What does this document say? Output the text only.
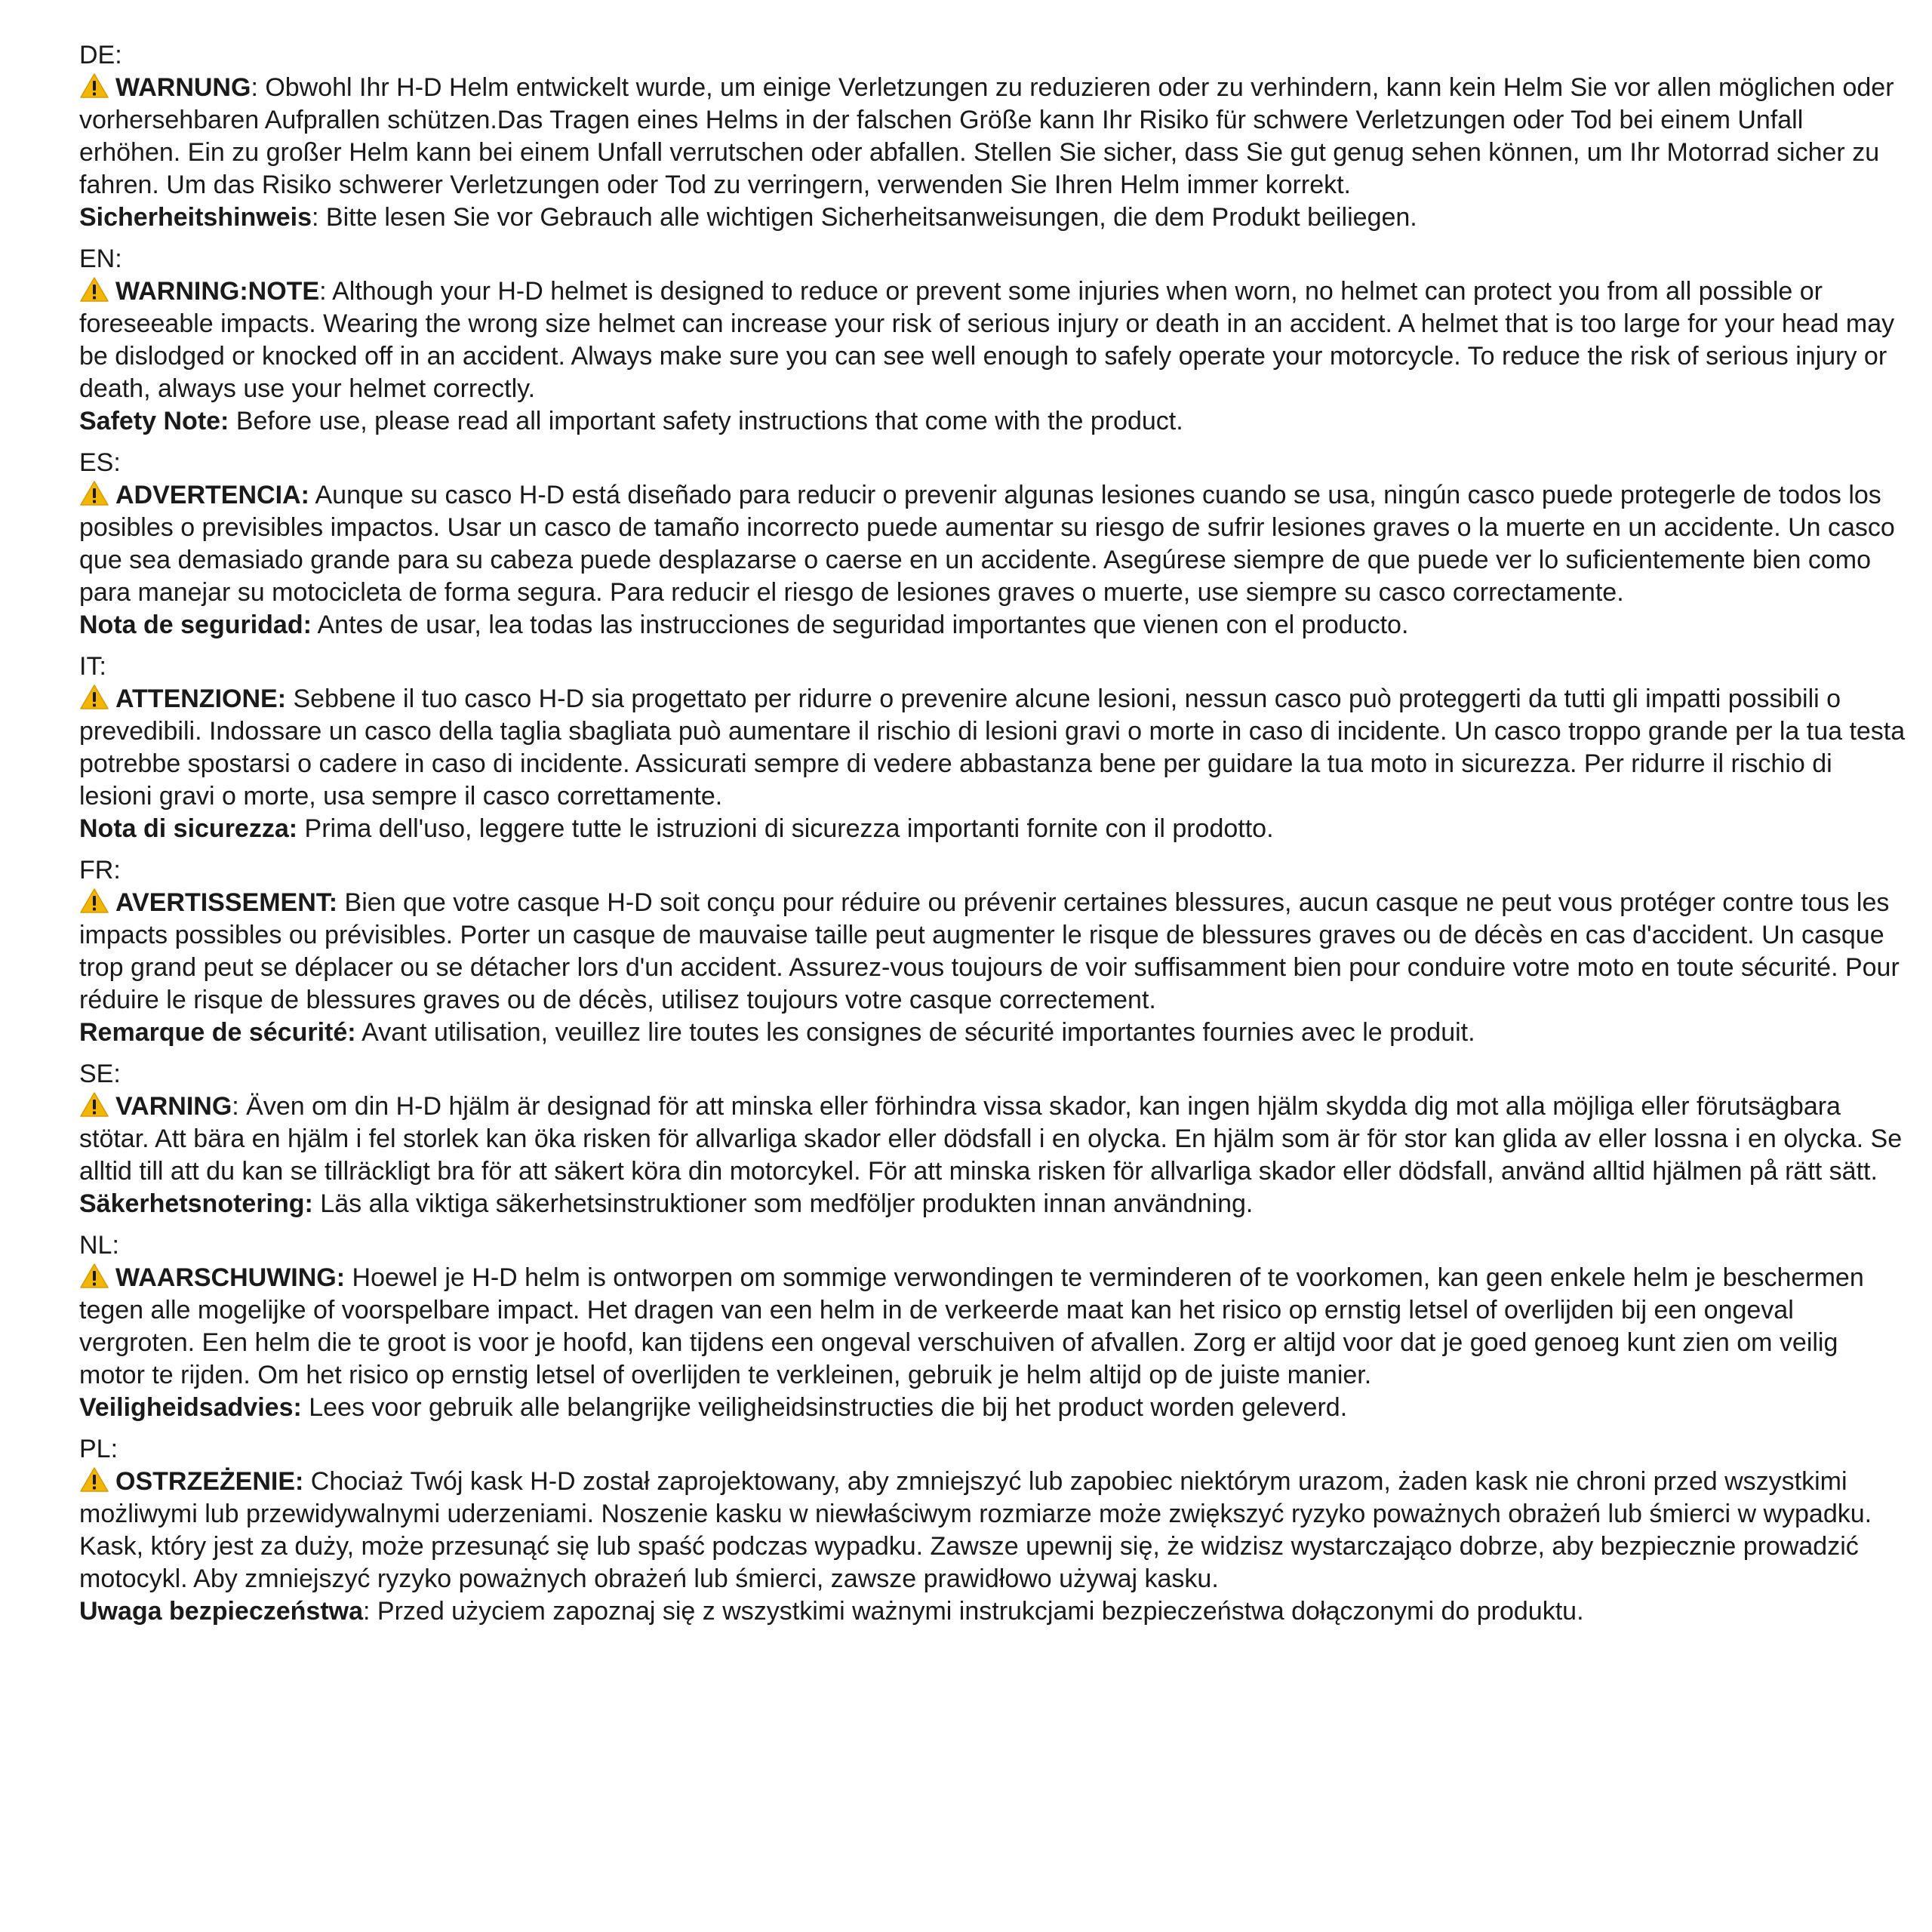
DE:

WARNUNG: Obwohl Ihr H-D Helm entwickelt wurde, um einige Verletzungen zu reduzieren oder zu verhindern, kann kein Helm Sie vor allen möglichen oder vorhersehbaren Aufprallen schützen.Das Tragen eines Helms in der falschen Größe kann Ihr Risiko für schwere Verletzungen oder Tod bei einem Unfall erhöhen. Ein zu großer Helm kann bei einem Unfall verrutschen oder abfallen. Stellen Sie sicher, dass Sie gut genug sehen können, um Ihr Motorrad sicher zu fahren. Um das Risiko schwerer Verletzungen oder Tod zu verringern, verwenden Sie Ihren Helm immer korrekt.

Sicherheitshinweis: Bitte lesen Sie vor Gebrauch alle wichtigen Sicherheitsanweisungen, die dem Produkt beiliegen.

EN:

WARNING:NOTE: Although your H-D helmet is designed to reduce or prevent some injuries when worn, no helmet can protect you from all possible or foreseeable impacts. Wearing the wrong size helmet can increase your risk of serious injury or death in an accident. A helmet that is too large for your head may be dislodged or knocked off in an accident. Always make sure you can see well enough to safely operate your motorcycle. To reduce the risk of serious injury or death, always use your helmet correctly.

Safety Note: Before use, please read all important safety instructions that come with the product.

ES:

ADVERTENCIA: Aunque su casco H-D está diseñado para reducir o prevenir algunas lesiones cuando se usa, ningún casco puede protegerle de todos los posibles o previsibles impactos. Usar un casco de tamaño incorrecto puede aumentar su riesgo de sufrir lesiones graves o la muerte en un accidente. Un casco que sea demasiado grande para su cabeza puede desplazarse o caerse en un accidente. Asegúrese siempre de que puede ver lo suficientemente bien como para manejar su motocicleta de forma segura. Para reducir el riesgo de lesiones graves o muerte, use siempre su casco correctamente.

Nota de seguridad: Antes de usar, lea todas las instrucciones de seguridad importantes que vienen con el producto.

IT:

ATTENZIONE: Sebbene il tuo casco H-D sia progettato per ridurre o prevenire alcune lesioni, nessun casco può proteggerti da tutti gli impatti possibili o prevedibili. Indossare un casco della taglia sbagliata può aumentare il rischio di lesioni gravi o morte in caso di incidente. Un casco troppo grande per la tua testa potrebbe spostarsi o cadere in caso di incidente. Assicurati sempre di vedere abbastanza bene per guidare la tua moto in sicurezza. Per ridurre il rischio di lesioni gravi o morte, usa sempre il casco correttamente.

Nota di sicurezza: Prima dell'uso, leggere tutte le istruzioni di sicurezza importanti fornite con il prodotto.

FR:

AVERTISSEMENT: Bien que votre casque H-D soit conçu pour réduire ou prévenir certaines blessures, aucun casque ne peut vous protéger contre tous les impacts possibles ou prévisibles. Porter un casque de mauvaise taille peut augmenter le risque de blessures graves ou de décès en cas d'accident. Un casque trop grand peut se déplacer ou se détacher lors d'un accident. Assurez-vous toujours de voir suffisamment bien pour conduire votre moto en toute sécurité. Pour réduire le risque de blessures graves ou de décès, utilisez toujours votre casque correctement.

Remarque de sécurité: Avant utilisation, veuillez lire toutes les consignes de sécurité importantes fournies avec le produit.

SE:

VARNING: Även om din H-D hjälm är designad för att minska eller förhindra vissa skador, kan ingen hjälm skydda dig mot alla möjliga eller förutsägbara stötar. Att bära en hjälm i fel storlek kan öka risken för allvarliga skador eller dödsfall i en olycka. En hjälm som är för stor kan glida av eller lossna i en olycka. Se alltid till att du kan se tillräckligt bra för att säkert köra din motorcykel. För att minska risken för allvarliga skador eller dödsfall, använd alltid hjälmen på rätt sätt.

Säkerhetsnotering: Läs alla viktiga säkerhetsinstruktioner som medföljer produkten innan användning.

NL:

WAARSCHUWING: Hoewel je H-D helm is ontworpen om sommige verwondingen te verminderen of te voorkomen, kan geen enkele helm je beschermen tegen alle mogelijke of voorspelbare impact. Het dragen van een helm in de verkeerde maat kan het risico op ernstig letsel of overlijden bij een ongeval vergroten. Een helm die te groot is voor je hoofd, kan tijdens een ongeval verschuiven of afvallen. Zorg er altijd voor dat je goed genoeg kunt zien om veilig motor te rijden. Om het risico op ernstig letsel of overlijden te verkleinen, gebruik je helm altijd op de juiste manier.

Veiligheidsadvies: Lees voor gebruik alle belangrijke veiligheidsinstructies die bij het product worden geleverd.

PL:

OSTRZEŻENIE: Chociaż Twój kask H-D został zaprojektowany, aby zmniejszyć lub zapobiec niektórym urazom, żaden kask nie chroni przed wszystkimi możliwymi lub przewidywalnymi uderzeniami. Noszenie kasku w niewłaściwym rozmiarze może zwiększyć ryzyko poważnych obrażeń lub śmierci w wypadku. Kask, który jest za duży, może przesunąć się lub spaść podczas wypadku. Zawsze upewnij się, że widzisz wystarczająco dobrze, aby bezpiecznie prowadzić motocykl. Aby zmniejszyć ryzyko poważnych obrażeń lub śmierci, zawsze prawidłowo używaj kasku.

Uwaga bezpieczeństwa: Przed użyciem zapoznaj się z wszystkimi ważnymi instrukcjami bezpieczeństwa dołączonymi do produktu.
